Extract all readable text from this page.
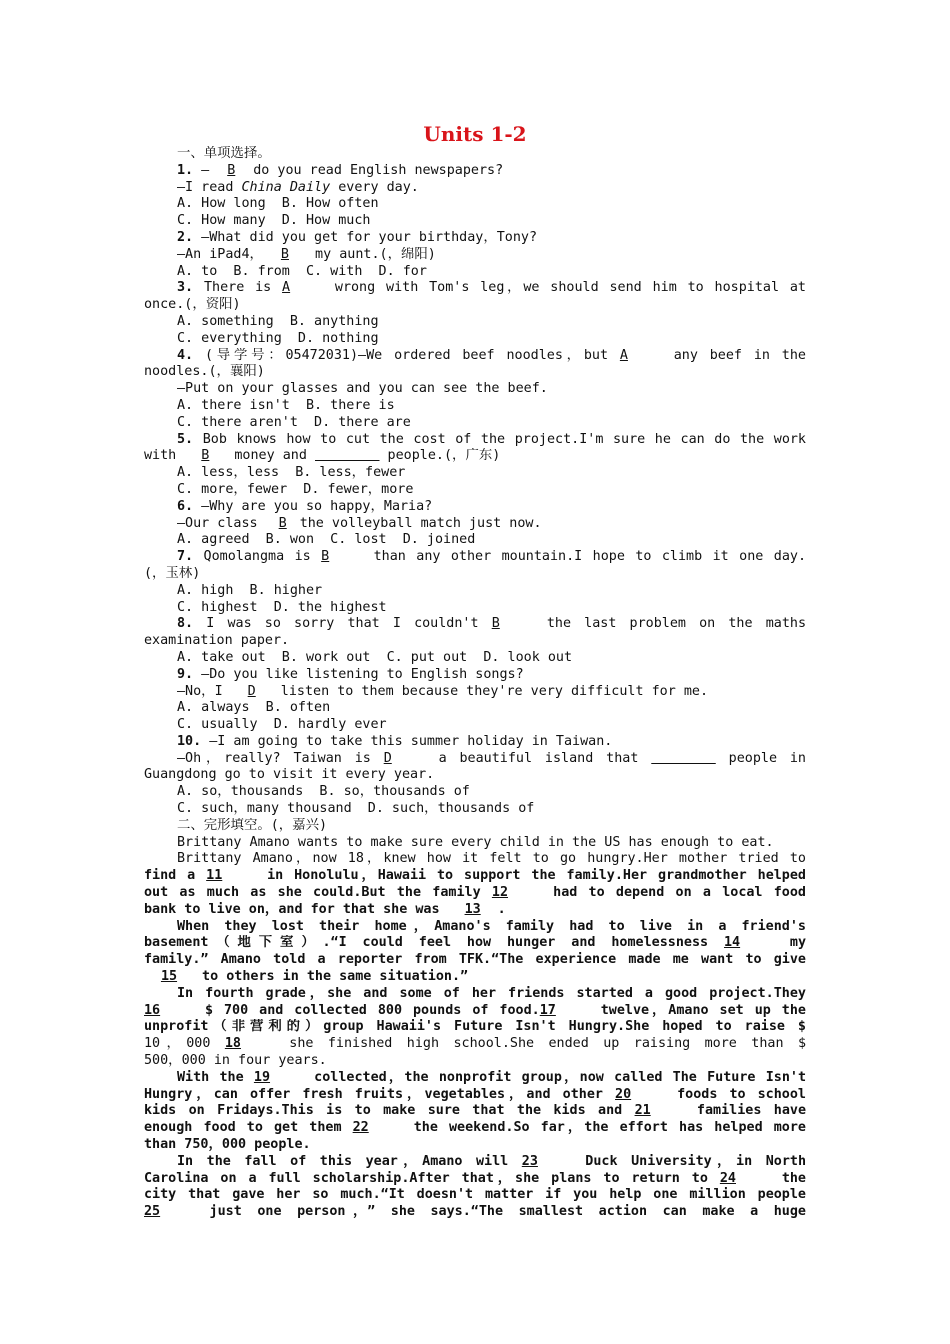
Units 1-2
一、单项选择。
1. — B do you read English newspapers?
—I read China Daily every day.
A. How long  B. How often
C. How many  D. How much
2. —What did you get for your birthday，Tony?
—An iPad4， B my aunt.(，绵阳)
A. to  B. from  C. with  D. for
3. There is A	wrong with Tom's leg，we should send him to hospital at
once.(，资阳)
A. something  B. anything
C. everything  D. nothing
4. (导学号：05472031)—We ordered beef noodles，but A	any beef in the
noodles.(，襄阳)
—Put on your glasses and you can see the beef.
A. there isn't  B. there is
C. there aren't  D. there are
5. Bob knows how to cut the cost of the project.I'm sure he can do the work
with B money and	people.(，广东)
A. less，less  B. less，fewer
C. more，fewer  D. fewer，more
6. —Why are you so happy，Maria?
—Our class B the volleyball match just now.
A. agreed  B. won  C. lost  D. joined
7. Qomolangma is B	than any other mountain.I hope to climb it one day.
(，玉林)
A. high  B. higher
C. highest  D. the highest
8. I was so sorry that I couldn't B	the last problem on the maths
examination paper.
A. take out  B. work out  C. put out  D. look out
9. —Do you like listening to English songs?
—No，I D listen to them because they're very difficult for me.
A. always  B. often
C. usually  D. hardly ever
10. —I am going to take this summer holiday in Taiwan.
—Oh，really? Taiwan is D	a beautiful island that	people in
Guangdong go to visit it every year.
A. so，thousands  B. so，thousands of
C. such，many thousand  D. such，thousands of
二、完形填空。(，嘉兴)
Brittany Amano wants to make sure every child in the US has enough to eat.
Brittany Amano，now 18，knew how it felt to go hungry.Her mother tried to
find a 11	in Honolulu，Hawaii to support the family.Her grandmother helped
out as much as she could.But the family 12	had to depend on a local food
bank to live on，and for that she was 13 .
When they lost their home，Amano's family had to live in a friend's
basement（地下室）.“I could feel how hunger and homelessness 14	my
family.” Amano told a reporter from TFK.“The experience made me want to give
15 to others in the same situation.”
In fourth grade，she and some of her friends started a good project.They
16	$ 700 and collected 800 pounds of food.17	twelve，Amano set up the
unprofit（非营利的）group Hawaii's Future Isn't Hungry.She hoped to raise $
10，000 18	she finished high school.She ended up raising more than $
500，000 in four years.
With the 19	collected，the nonprofit group，now called The Future Isn't
Hungry，can offer fresh fruits，vegetables，and other 20	foods to school
kids on Fridays.This is to make sure that the kids and 21	families have
enough food to get them 22	the weekend.So far，the effort has helped more
than 750，000 people.
In the fall of this year，Amano will 23	Duck University，in North
Carolina on a full scholarship.After that，she plans to return to 24	the
city that gave her so much.“It doesn't matter if you help one million people
25	just one person，” she says.“The smallest action can make a huge
